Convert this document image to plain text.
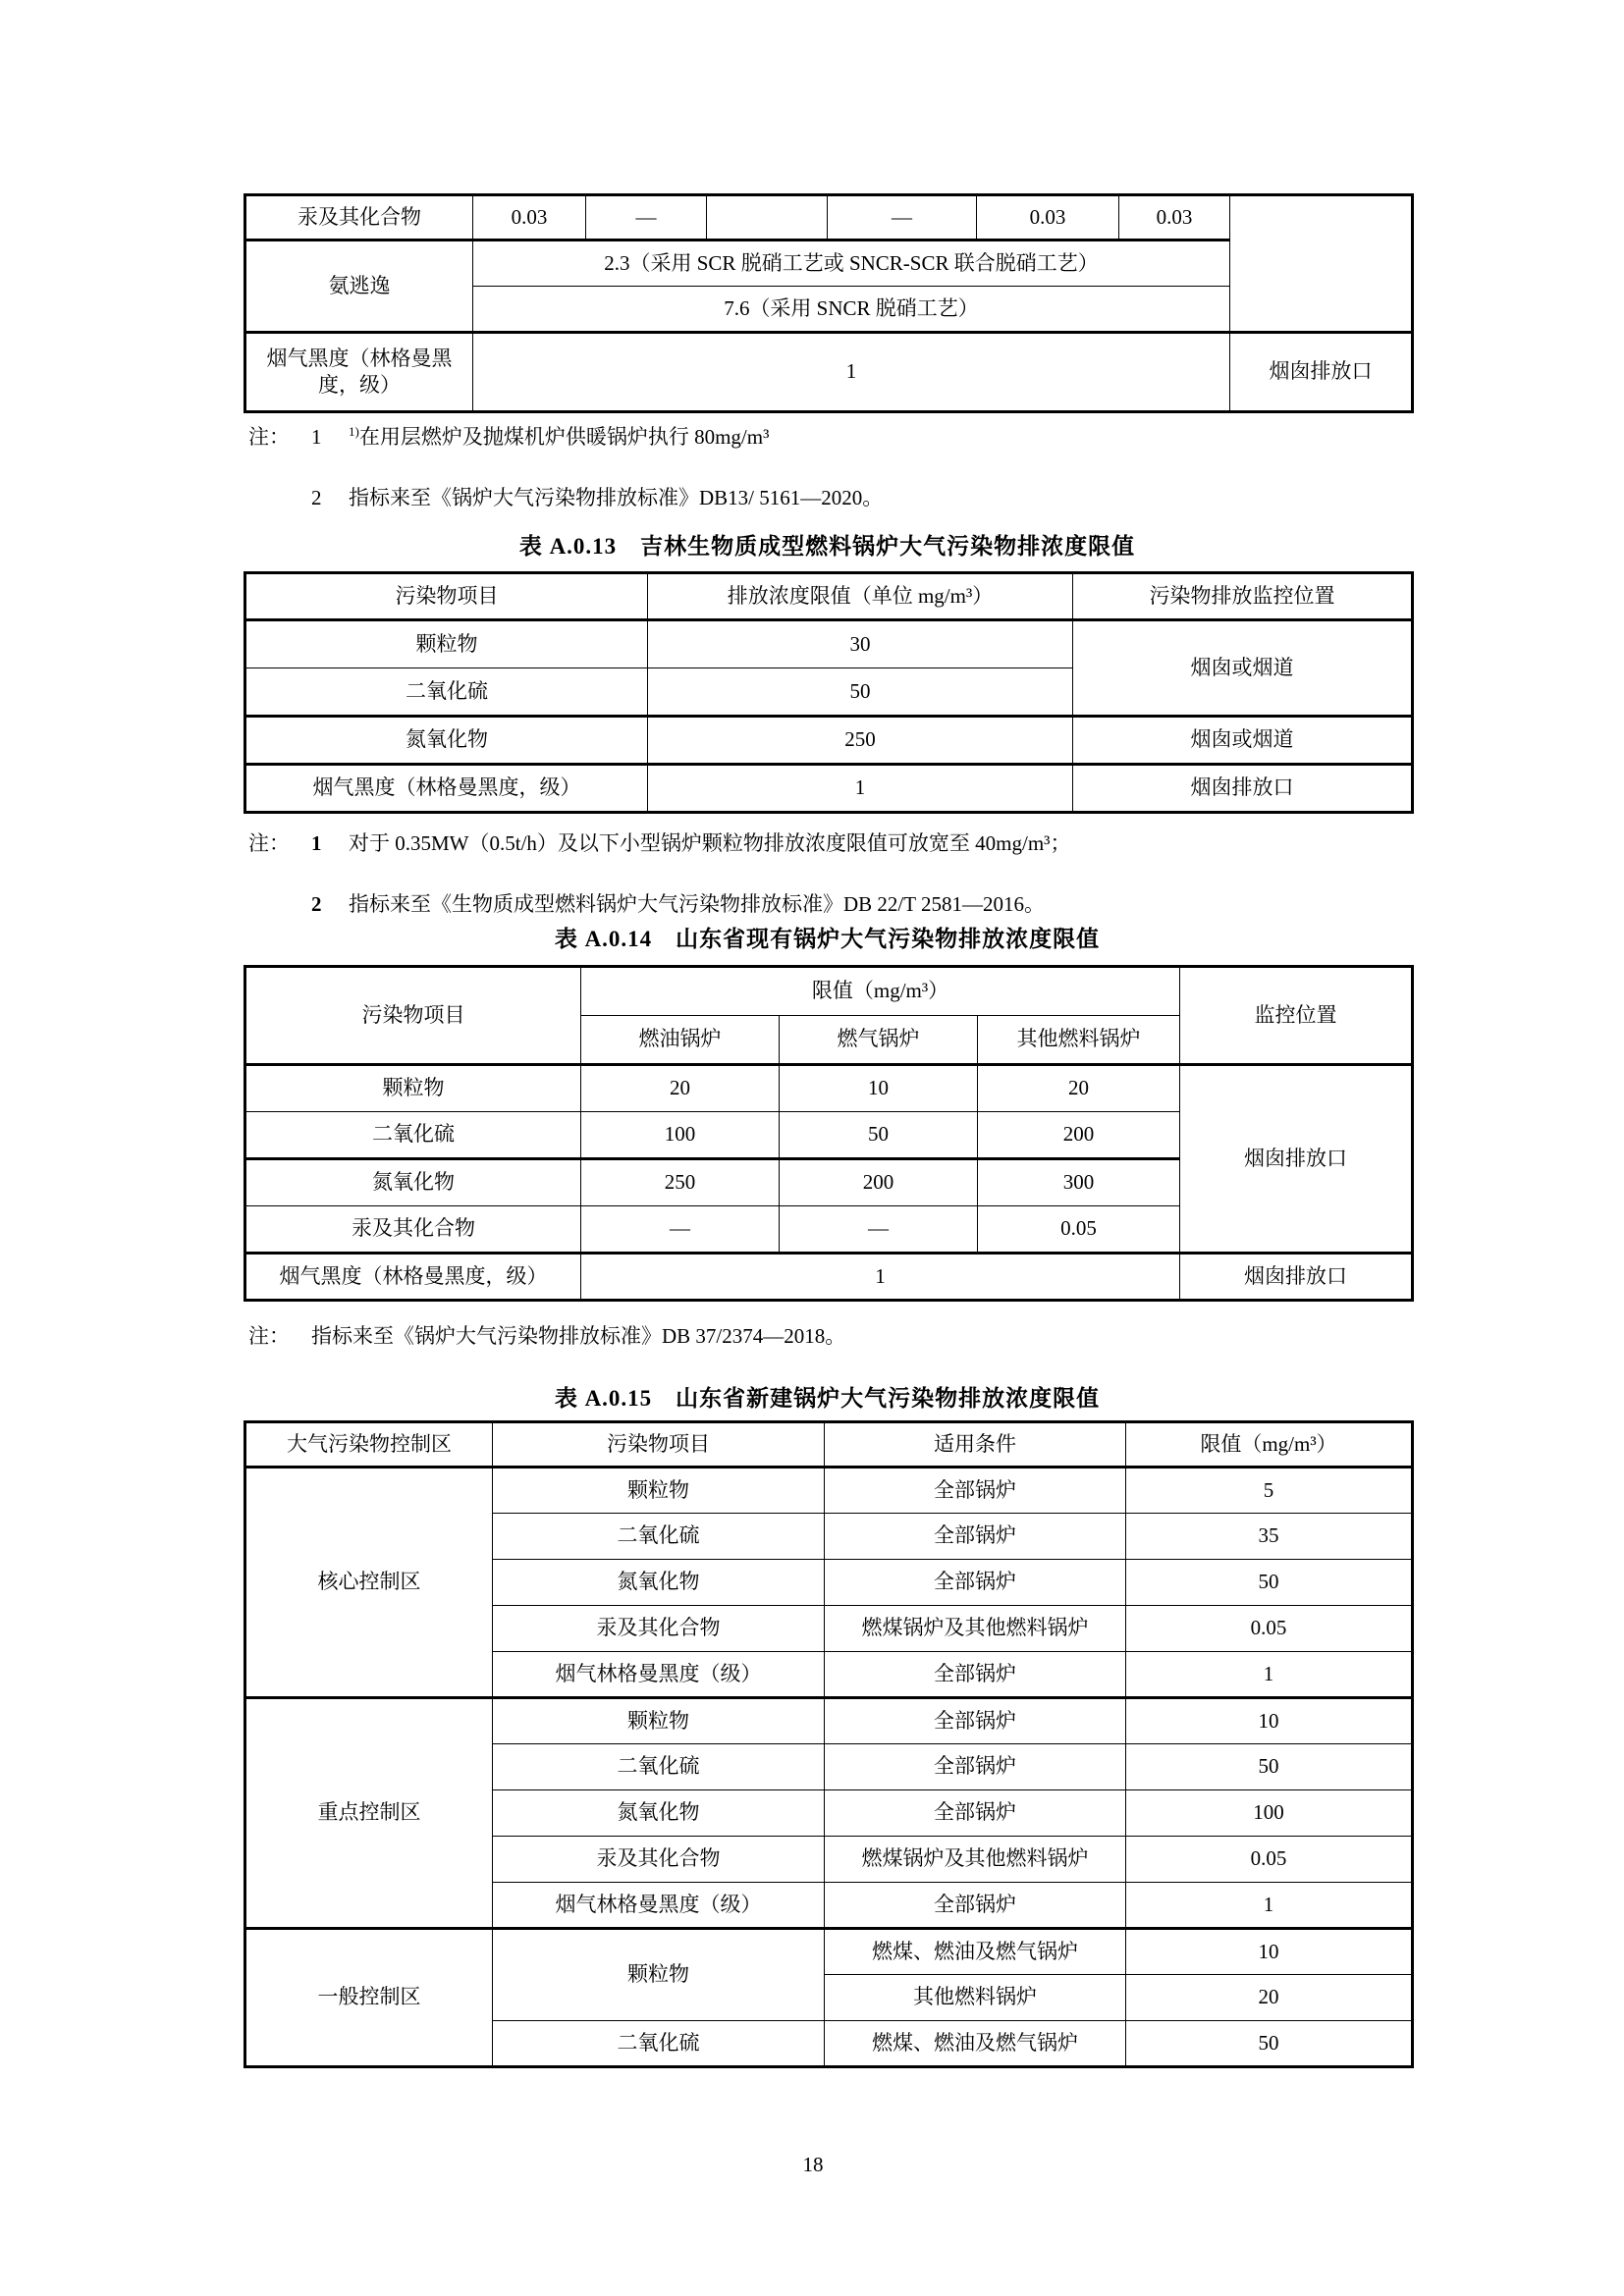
汞及其化合物	0.03	—		—	0.03	0.03	
氨逃逸	2.3（采用 SCR 脱硝工艺或 SNCR-SCR 联合脱硝工艺）						
	7.6（采用 SNCR 脱硝工艺）						
烟气黑度（林格曼黑度，级）	1						烟囱排放口
注：	1	$^{1)}$在用层燃炉及抛煤机炉供暖锅炉执行 80mg/m³
2	指标来至《锅炉大气污染物排放标准》DB13/ 5161—2020。
表 A.0.13　吉林生物质成型燃料锅炉大气污染物排浓度限值
污染物项目	排放浓度限值（单位 mg/m³）	污染物排放监控位置
颗粒物	30	烟囱或烟道
二氧化硫	50	
氮氧化物	250	烟囱或烟道
烟气黑度（林格曼黑度，级）	1	烟囱排放口
注：	1	对于 0.35MW（0.5t/h）及以下小型锅炉颗粒物排放浓度限值可放宽至 40mg/m³；
2	指标来至《生物质成型燃料锅炉大气污染物排放标准》DB 22/T 2581—2016。
表 A.0.14　山东省现有锅炉大气污染物排放浓度限值
污染物项目	限值（mg/m³）			监控位置
	燃油锅炉	燃气锅炉	其他燃料锅炉	
颗粒物	20	10	20	烟囱排放口
二氧化硫	100	50	200	
氮氧化物	250	200	300	
汞及其化合物	—	—	0.05	
烟气黑度（林格曼黑度，级）	1			烟囱排放口
注：	指标来至《锅炉大气污染物排放标准》DB 37/2374—2018。
表 A.0.15　山东省新建锅炉大气污染物排放浓度限值
大气污染物控制区	污染物项目	适用条件	限值（mg/m³）
核心控制区	颗粒物	全部锅炉	5
	二氧化硫	全部锅炉	35
	氮氧化物	全部锅炉	50
	汞及其化合物	燃煤锅炉及其他燃料锅炉	0.05
	烟气林格曼黑度（级）	全部锅炉	1
重点控制区	颗粒物	全部锅炉	10
	二氧化硫	全部锅炉	50
	氮氧化物	全部锅炉	100
	汞及其化合物	燃煤锅炉及其他燃料锅炉	0.05
	烟气林格曼黑度（级）	全部锅炉	1
一般控制区	颗粒物	燃煤、燃油及燃气锅炉	10
		其他燃料锅炉	20
	二氧化硫	燃煤、燃油及燃气锅炉	50
18
